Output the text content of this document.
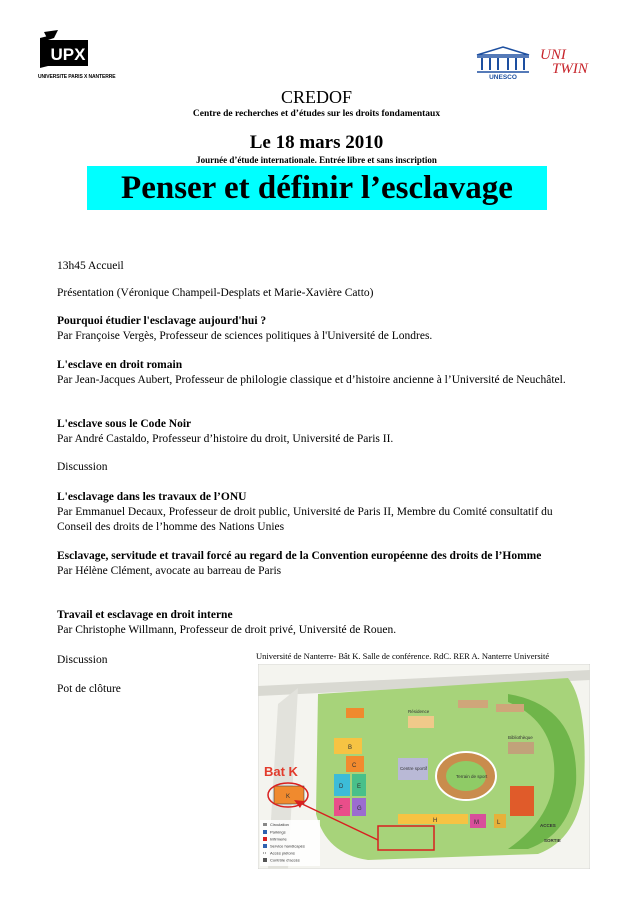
UPX
UNIVERSITE PARIS X NANTERRE	UNESCO
UNI
TWIN
CREDOF
Centre de recherches et d’études sur les droits fondamentaux
Le 18 mars 2010
Journée d’étude internationale. Entrée libre et sans inscription
Penser et définir l’esclavage
13h45 Accueil
Présentation (Véronique Champeil-Desplats et Marie-Xavière Catto)
Pourquoi étudier l'esclavage aujourd'hui ?
Par Françoise Vergès, Professeur de sciences politiques à l'Université de Londres.
L'esclave en droit romain
Par Jean-Jacques Aubert, Professeur de philologie classique et d’histoire ancienne à l’Université de Neuchâtel.
L'esclave sous le Code Noir
Par André Castaldo, Professeur d’histoire du droit, Université de Paris II.
Discussion
L'esclavage dans les travaux de l’ONU
Par Emmanuel Decaux, Professeur de droit public, Université de Paris II, Membre du Comité consultatif du Conseil des droits de l’homme des Nations Unies
Esclavage, servitude et travail forcé au regard de la Convention européenne des droits de l’Homme
Par Hélène Clément, avocate au barreau de Paris
Travail et esclavage en droit interne
Par Christophe Willmann, Professeur de droit privé, Université de Rouen.
Discussion
Pot de clôture
Université de Nanterre- Bât K. Salle de conférence. RdC. RER A. Nanterre Université
B
C
D E
F G
H	L
M
K
Terrain de sport
Centre sportif
Bibliothèque
Résidence
ACCES
SORTIE
Bat K
Circulation
Parkings
Infirmerie
Service handicapés
Accès piétons
Contrôle d’accès
